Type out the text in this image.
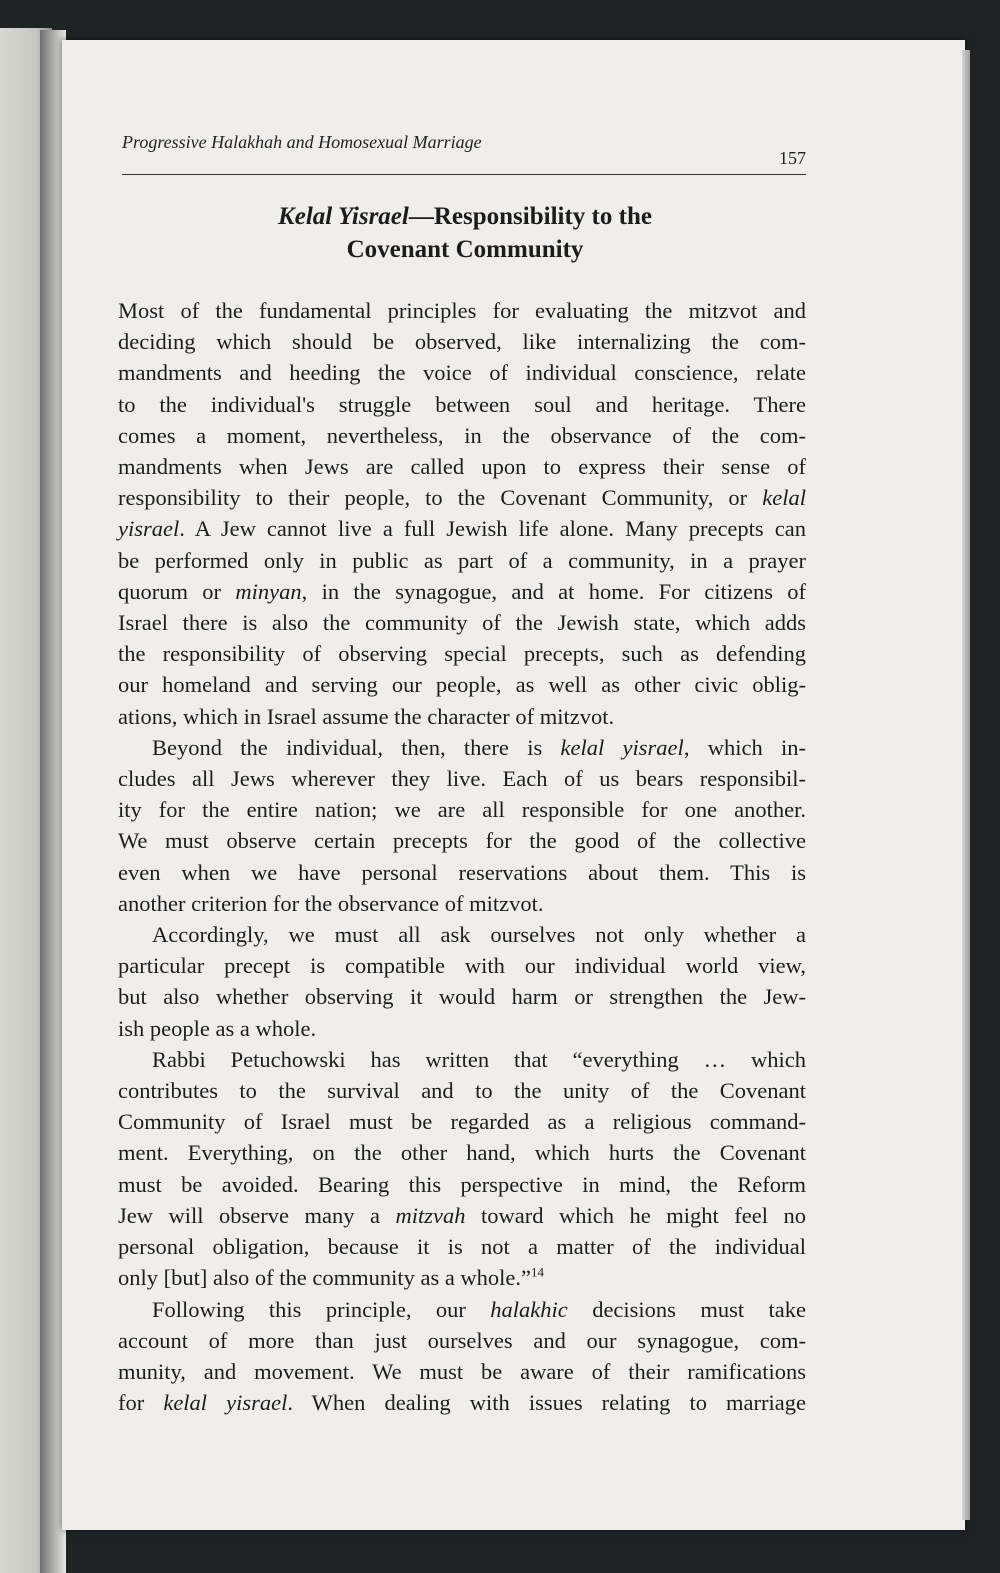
Progressive Halakhah and Homosexual Marriage
157
Kelal Yisrael—Responsibility to the
Covenant Community
Most of the fundamental principles for evaluating the mitzvot and
deciding which should be observed, like internalizing the com-
mandments and heeding the voice of individual conscience, relate
to the individual's struggle between soul and heritage. There
comes a moment, nevertheless, in the observance of the com-
mandments when Jews are called upon to express their sense of
responsibility to their people, to the Covenant Community, or kelal
yisrael. A Jew cannot live a full Jewish life alone. Many precepts can
be performed only in public as part of a community, in a prayer
quorum or minyan, in the synagogue, and at home. For citizens of
Israel there is also the community of the Jewish state, which adds
the responsibility of observing special precepts, such as defending
our homeland and serving our people, as well as other civic oblig-
ations, which in Israel assume the character of mitzvot.
Beyond the individual, then, there is kelal yisrael, which in-
cludes all Jews wherever they live. Each of us bears responsibil-
ity for the entire nation; we are all responsible for one another.
We must observe certain precepts for the good of the collective
even when we have personal reservations about them. This is
another criterion for the observance of mitzvot.
Accordingly, we must all ask ourselves not only whether a
particular precept is compatible with our individual world view,
but also whether observing it would harm or strengthen the Jew-
ish people as a whole.
Rabbi Petuchowski has written that “everything … which
contributes to the survival and to the unity of the Covenant
Community of Israel must be regarded as a religious command-
ment. Everything, on the other hand, which hurts the Covenant
must be avoided. Bearing this perspective in mind, the Reform
Jew will observe many a mitzvah toward which he might feel no
personal obligation, because it is not a matter of the individual
only [but] also of the community as a whole.”$^{14}$
Following this principle, our halakhic decisions must take
account of more than just ourselves and our synagogue, com-
munity, and movement. We must be aware of their ramifications
for kelal yisrael. When dealing with issues relating to marriage
